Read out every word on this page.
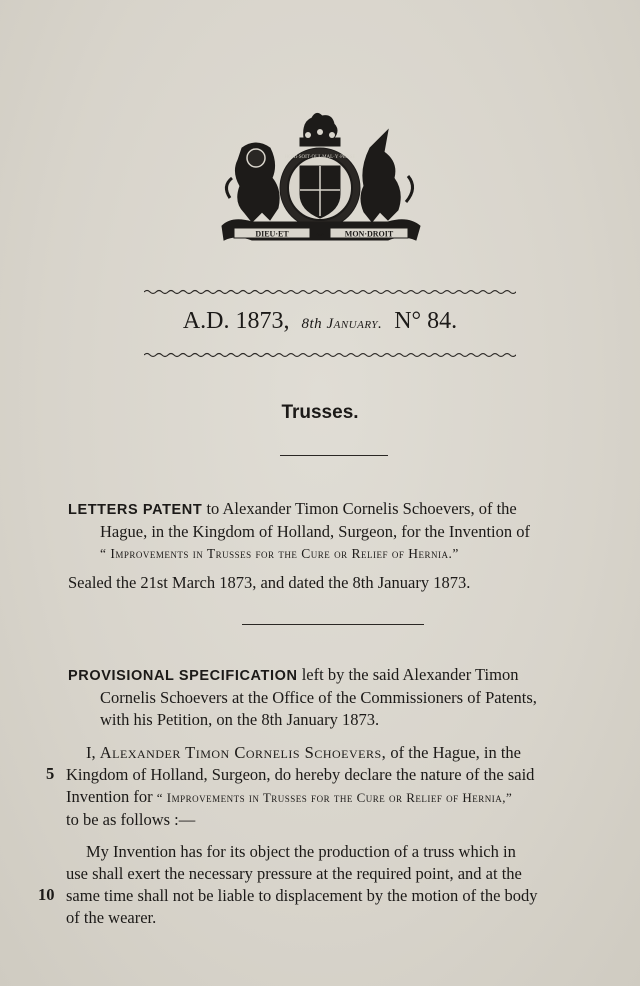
DIEU·ET	MON·DROIT
HONI·SOIT·QUI·MAL·Y·PENSE
A.D. 1873, 8th January. N° 84.
Trusses.
LETTERS PATENT to Alexander Timon Cornelis Schoevers, of the
Hague, in the Kingdom of Holland, Surgeon, for the Invention of
“ Improvements in Trusses for the Cure or Relief of Hernia.”
Sealed the 21st March 1873, and dated the 8th January 1873.
PROVISIONAL SPECIFICATION left by the said Alexander Timon
Cornelis Schoevers at the Office of the Commissioners of Patents,
with his Petition, on the 8th January 1873.
I, Alexander Timon Cornelis Schoevers, of the Hague, in the
Kingdom of Holland, Surgeon, do hereby declare the nature of the said
Invention for “ Improvements in Trusses for the Cure or Relief of Hernia,”
to be as follows :—
5
My Invention has for its object the production of a truss which in
use shall exert the necessary pressure at the required point, and at the
same time shall not be liable to displacement by the motion of the body
of the wearer.
10
